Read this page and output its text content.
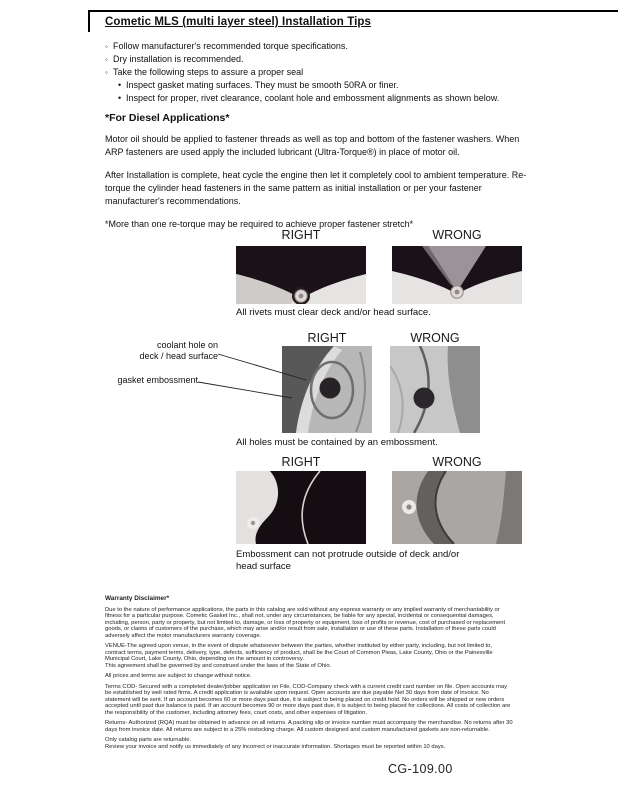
Cometic MLS (multi layer steel) Installation Tips
◦ Follow manufacturer's recommended torque specifications.
◦ Dry installation is recommended.
◦ Take the following steps to assure a proper seal
• Inspect gasket mating surfaces. They must be smooth 50RA or finer.
• Inspect for proper, rivet clearance, coolant hole and embossment alignments as shown below.
*For Diesel Applications*

Motor oil should be applied to fastener threads as well as top and bottom of the fastener washers. When ARP fasteners are used apply the included lubricant (Ultra-Torque®) in place of motor oil.

After Installation is complete, heat cycle the engine then let it completely cool to ambient temperature. Re-torque the cylinder head fasteners in the same pattern as initial installation or per your fastener manufacturer's recommendations.

*More than one re-torque may be required to achieve proper fastener stretch*

RIGHT	WRONG
All rivets must clear deck and/or head surface.
RIGHT	WRONG
coolant hole on
deck / head surface
gasket embossment
All holes must be contained by an embossment.
RIGHT	WRONG
Embossment can not protrude outside of deck and/or head surface
Warranty Disclaimer*

Due to the nature of performance applications, the parts in this catalog are sold without any express warranty or any implied warranty of merchantability or fitness for a particular purpose. Cometic Gasket Inc., shall not, under any circumstances, be liable for any special, incidental or consequential damages, including, person, party or property, but not limited to, damage, or loss of property or equipment, loss of profits or revenue, cost of purchased or replacement goods, or claims of customers of the purchase, which may arise and/or result from sale, installation or use of these parts. Installation of these parts could adversely affect the motor manufacturers warranty coverage.

VENUE-The agreed upon venue, in the event of dispute whatsoever between the parties, whether instituted by either party, including, but not limited to, contract terms, payment terms, delivery, type, defects, sufficiency of product, shall be the Court of Common Pleas, Lake County, Ohio or the Painesville Municipal Court, Lake County, Ohio, depending on the amount in controversy.

This agreement shall be governed by and construed under the laws of the State of Ohio.

All prices and terms are subject to change without notice.

Terms COD- Secured with a completed dealer/jobber application on File, COD-Company check with a current credit card number on file. Open accounts may be established by well rated firms. A credit application is available upon request. Open accounts are due payable Net 30 days from date of invoice. No statement will be sent. If an account becomes 60 or more days past due, it is subject to being placed on credit hold. No orders will be shipped or new orders accepted until past due balance is paid. If an account becomes 90 or more days past due, it is subject to being placed for collections. All costs of collection are the responsibility of the customer, including attorney fees, court costs, and other expenses of litigation.

Returns- Authorized (RQA) must be obtained in advance on all returns. A packing slip or invoice number must accompany the merchandise. No returns after 30 days from invoice date. All returns are subject to a 25% restocking charge. All custom designed and custom manufactured gaskets are non-returnable.

Only catalog parts are returnable.

Review your invoice and notify us immediately of any incorrect or inaccurate information. Shortages must be reported within 10 days.

CG-109.00
